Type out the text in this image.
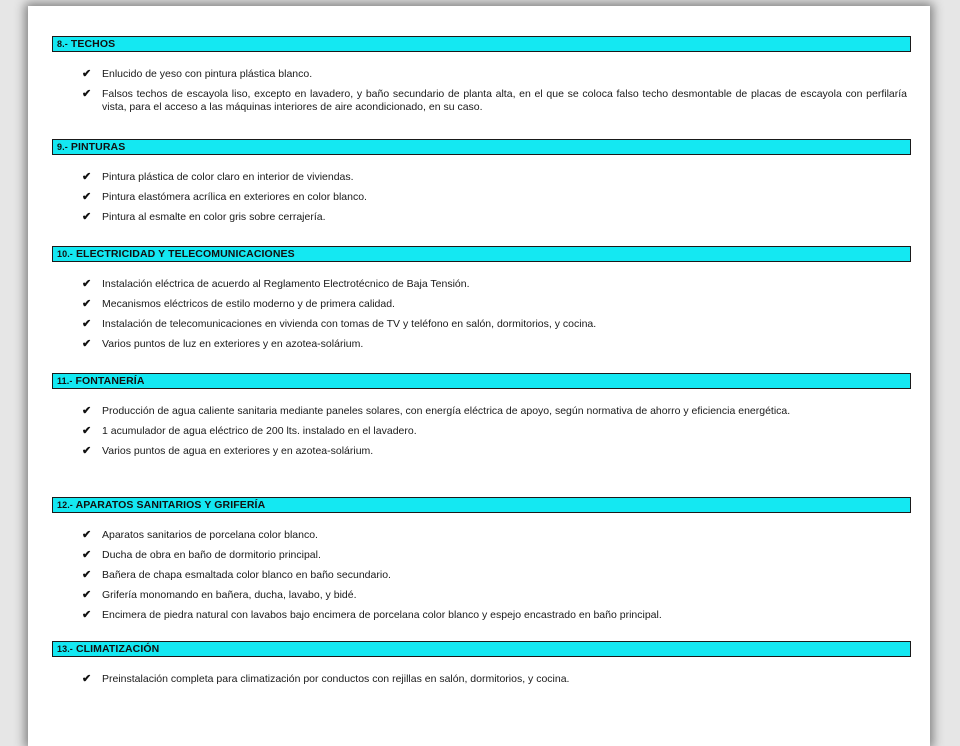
8.- TECHOS
✔ Enlucido de yeso con pintura plástica blanco.
✔ Falsos techos de escayola liso, excepto en lavadero, y baño secundario de planta alta, en el que se coloca falso techo desmontable de placas de escayola con perfilaría vista, para el acceso a las máquinas interiores de aire acondicionado, en su caso.
9.- PINTURAS
✔ Pintura plástica de color claro en interior de viviendas.
✔ Pintura elastómera acrílica en exteriores en color blanco.
✔ Pintura al esmalte en color gris sobre cerrajería.
10.- ELECTRICIDAD Y TELECOMUNICACIONES
✔ Instalación eléctrica de acuerdo al Reglamento Electrotécnico de Baja Tensión.
✔ Mecanismos eléctricos de estilo moderno y de primera calidad.
✔ Instalación de telecomunicaciones en vivienda con tomas de TV y teléfono en salón, dormitorios, y cocina.
✔ Varios puntos de luz en exteriores y en azotea-solárium.
11.- FONTANERÍA
✔ Producción de agua caliente sanitaria mediante paneles solares, con energía eléctrica de apoyo, según normativa de ahorro y eficiencia energética.
✔ 1 acumulador de agua eléctrico de 200 lts. instalado en el lavadero.
✔ Varios puntos de agua en exteriores y en azotea-solárium.
12.- APARATOS SANITARIOS Y GRIFERÍA
✔ Aparatos sanitarios de porcelana color blanco.
✔ Ducha de obra en baño de dormitorio principal.
✔ Bañera de chapa esmaltada color blanco en baño secundario.
✔ Grifería monomando en bañera, ducha, lavabo, y bidé.
✔ Encimera de piedra natural con lavabos bajo encimera de porcelana color blanco y espejo encastrado en baño principal.
13.- CLIMATIZACIÓN
✔ Preinstalación completa para climatización por conductos con rejillas en salón, dormitorios, y cocina.
